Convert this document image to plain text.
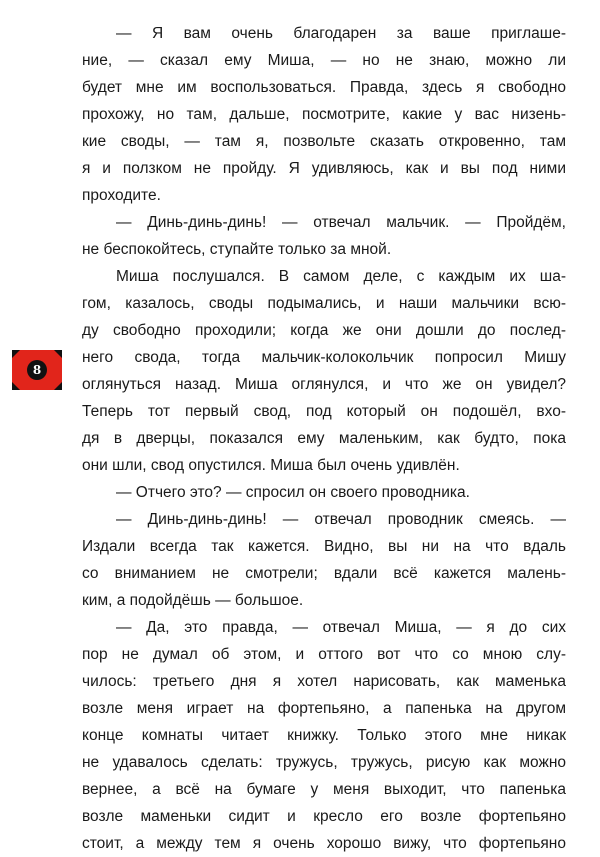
— Я вам очень благодарен за ваше приглаше-
ние, — сказал ему Миша, — но не знаю, можно ли
будет мне им воспользоваться. Правда, здесь я свободно
прохожу, но там, дальше, посмотрите, какие у вас низень-
кие своды, — там я, позвольте сказать откровенно, там
я и ползком не пройду. Я удивляюсь, как и вы под ними
проходите.
— Динь-динь-динь! — отвечал мальчик. — Пройдём,
не беспокойтесь, ступайте только за мной.
Миша послушался. В самом деле, с каждым их ша-
гом, казалось, своды подымались, и наши мальчики всю-
ду свободно проходили; когда же они дошли до послед-
него свода, тогда мальчик-колокольчик попросил Мишу
оглянуться назад. Миша оглянулся, и что же он увидел?
Теперь тот первый свод, под который он подошёл, вхо-
дя в дверцы, показался ему маленьким, как будто, пока
они шли, свод опустился. Миша был очень удивлён.
— Отчего это? — спросил он своего проводника.
— Динь-динь-динь! — отвечал проводник смеясь. —
Издали всегда так кажется. Видно, вы ни на что вдаль
со вниманием не смотрели; вдали всё кажется малень-
ким, а подойдёшь — большое.
— Да, это правда, — отвечал Миша, — я до сих
пор не думал об этом, и оттого вот что со мною слу-
чилось: третьего дня я хотел нарисовать, как маменька
возле меня играет на фортепьяно, а папенька на другом
конце комнаты читает книжку. Только этого мне никак
не удавалось сделать: тружусь, тружусь, рисую как можно
вернее, а всё на бумаге у меня выходит, что папенька
возле маменьки сидит и кресло его возле фортепьяно
стоит, а между тем я очень хорошо вижу, что фортепьяно
8
